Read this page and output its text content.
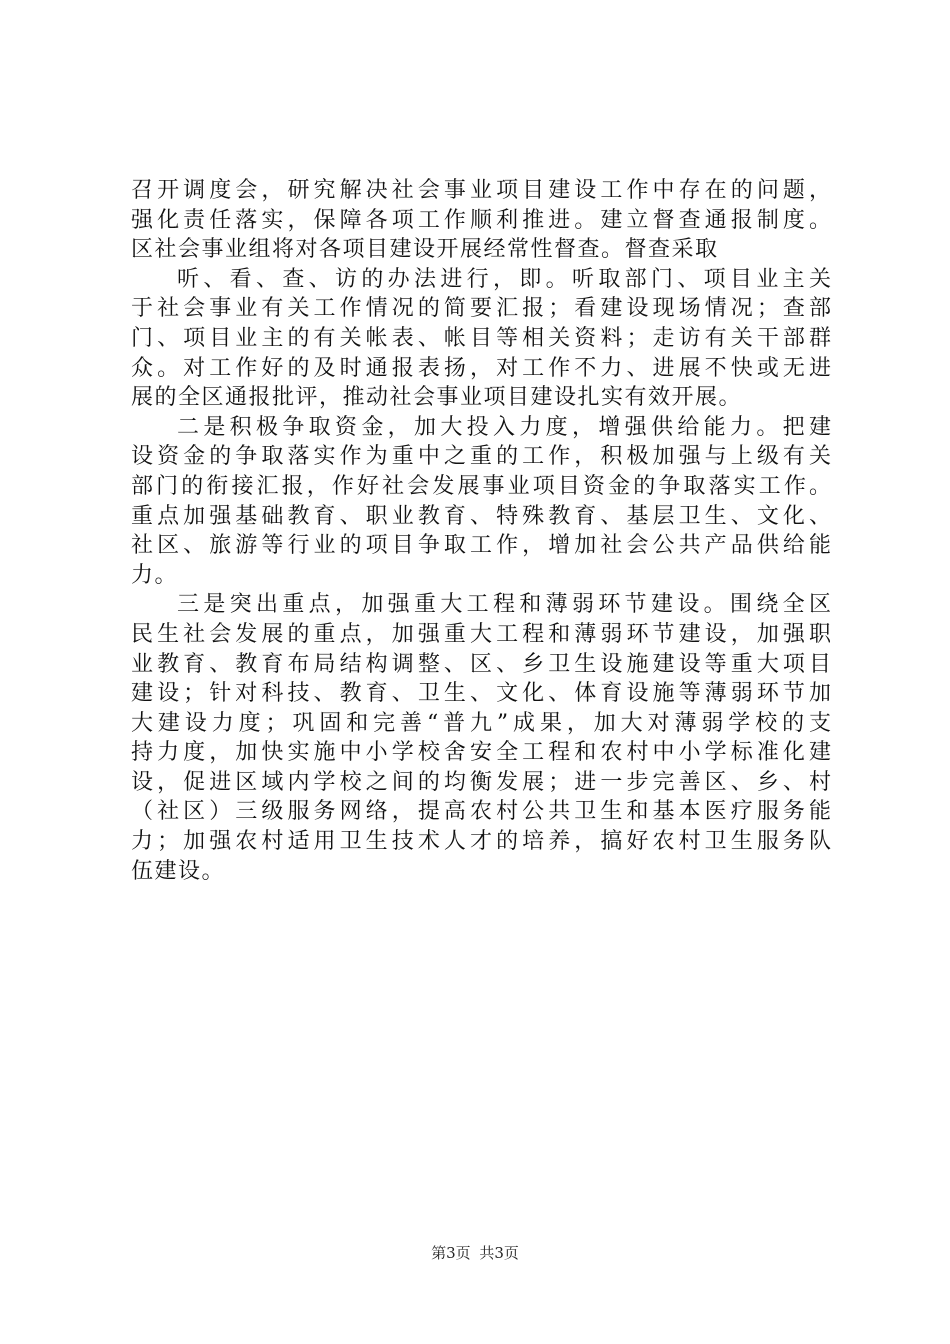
召开调度会，研究解决社会事业项目建设工作中存在的问题，
强化责任落实，保障各项工作顺利推进。建立督查通报制度。
区社会事业组将对各项目建设开展经常性督查。督查采取
听、看、查、访的办法进行，即。听取部门、项目业主关
于社会事业有关工作情况的简要汇报；看建设现场情况；查部
门、项目业主的有关帐表、帐目等相关资料；走访有关干部群
众。对工作好的及时通报表扬，对工作不力、进展不快或无进
展的全区通报批评，推动社会事业项目建设扎实有效开展。
二是积极争取资金，加大投入力度，增强供给能力。把建
设资金的争取落实作为重中之重的工作，积极加强与上级有关
部门的衔接汇报，作好社会发展事业项目资金的争取落实工作。
重点加强基础教育、职业教育、特殊教育、基层卫生、文化、
社区、旅游等行业的项目争取工作，增加社会公共产品供给能
力。
三是突出重点，加强重大工程和薄弱环节建设。围绕全区
民生社会发展的重点，加强重大工程和薄弱环节建设，加强职
业教育、教育布局结构调整、区、乡卫生设施建设等重大项目
建设；针对科技、教育、卫生、文化、体育设施等薄弱环节加
大建设力度；巩固和完善“普九”成果，加大对薄弱学校的支
持力度，加快实施中小学校舍安全工程和农村中小学标准化建
设，促进区域内学校之间的均衡发展；进一步完善区、乡、村
（社区）三级服务网络，提高农村公共卫生和基本医疗服务能
力；加强农村适用卫生技术人才的培养，搞好农村卫生服务队
伍建设。
第3页 共3页
